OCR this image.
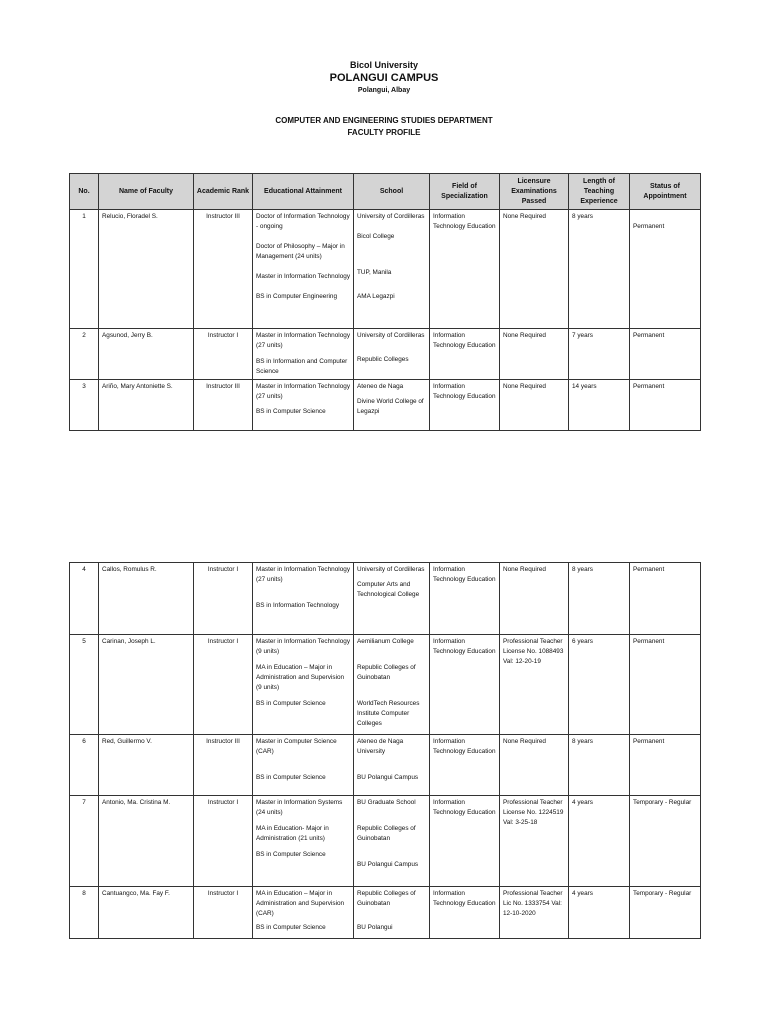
Bicol University
POLANGUI CAMPUS
Polangui, Albay
COMPUTER AND ENGINEERING STUDIES DEPARTMENT
FACULTY PROFILE
No.	Name of Faculty	Academic Rank	Educational Attainment	School	Field of Specialization	Licensure Examinations Passed	Length of Teaching Experience	Status of Appointment
1	Relucio, Floradel S.	Instructor III	Doctor of Information Technology - ongoing
Doctor of Philosophy – Major in Management (24 units)
Master in Information Technology
BS in Computer Engineering	University of Cordilleras
Bicol College
TUP, Manila
AMA Legazpi	Information Technology Education	None Required	8 years	Permanent
2	Agsunod, Jerry B.	Instructor I	Master in Information Technology (27 units)
BS in Information and Computer Science	University of Cordilleras
Republic Colleges	Information Technology Education	None Required	7 years	Permanent
3	Ariño, Mary Antoniette S.	Instructor III	Master in Information Technology (27 units)
BS in Computer Science	Ateneo de Naga
Divine World College of Legazpi	Information Technology Education	None Required	14 years	Permanent
4	Callos, Romulus R.	Instructor I	Master in Information Technology (27 units)
BS in Information Technology	University of Cordilleras
Computer Arts and Technological College	Information Technology Education	None Required	8 years	Permanent
5	Carinan, Joseph L.	Instructor I	Master in Information Technology (9 units)
MA in Education – Major in Administration and Supervision (9 units)
BS in Computer Science	Aemilianum College
Republic Colleges of Guinobatan
WorldTech Resources Institute Computer Colleges	Information Technology Education	Professional Teacher License No. 1088493 Val: 12-20-19	6 years	Permanent
6	Red, Guillermo V.	Instructor III	Master in Computer Science (CAR)
BS in Computer Science	Ateneo de Naga University
BU Polangui Campus	Information Technology Education	None Required	8 years	Permanent
7	Antonio, Ma. Cristina M.	Instructor I	Master in Information Systems (24 units)
MA in Education- Major in Administration (21 units)
BS in Computer Science	BU Graduate School
Republic Colleges of Guinobatan
BU Polangui Campus	Information Technology Education	Professional Teacher License No. 1224519 Val: 3-25-18	4 years	Temporary - Regular
8	Cantuangco, Ma. Fay F.	Instructor I	MA in Education – Major in Administration and Supervision (CAR)
BS in Computer Science	Republic Colleges of Guinobatan
BU Polangui	Information Technology Education	Professional Teacher Lic No. 1333754 Val: 12-10-2020	4 years	Temporary - Regular
